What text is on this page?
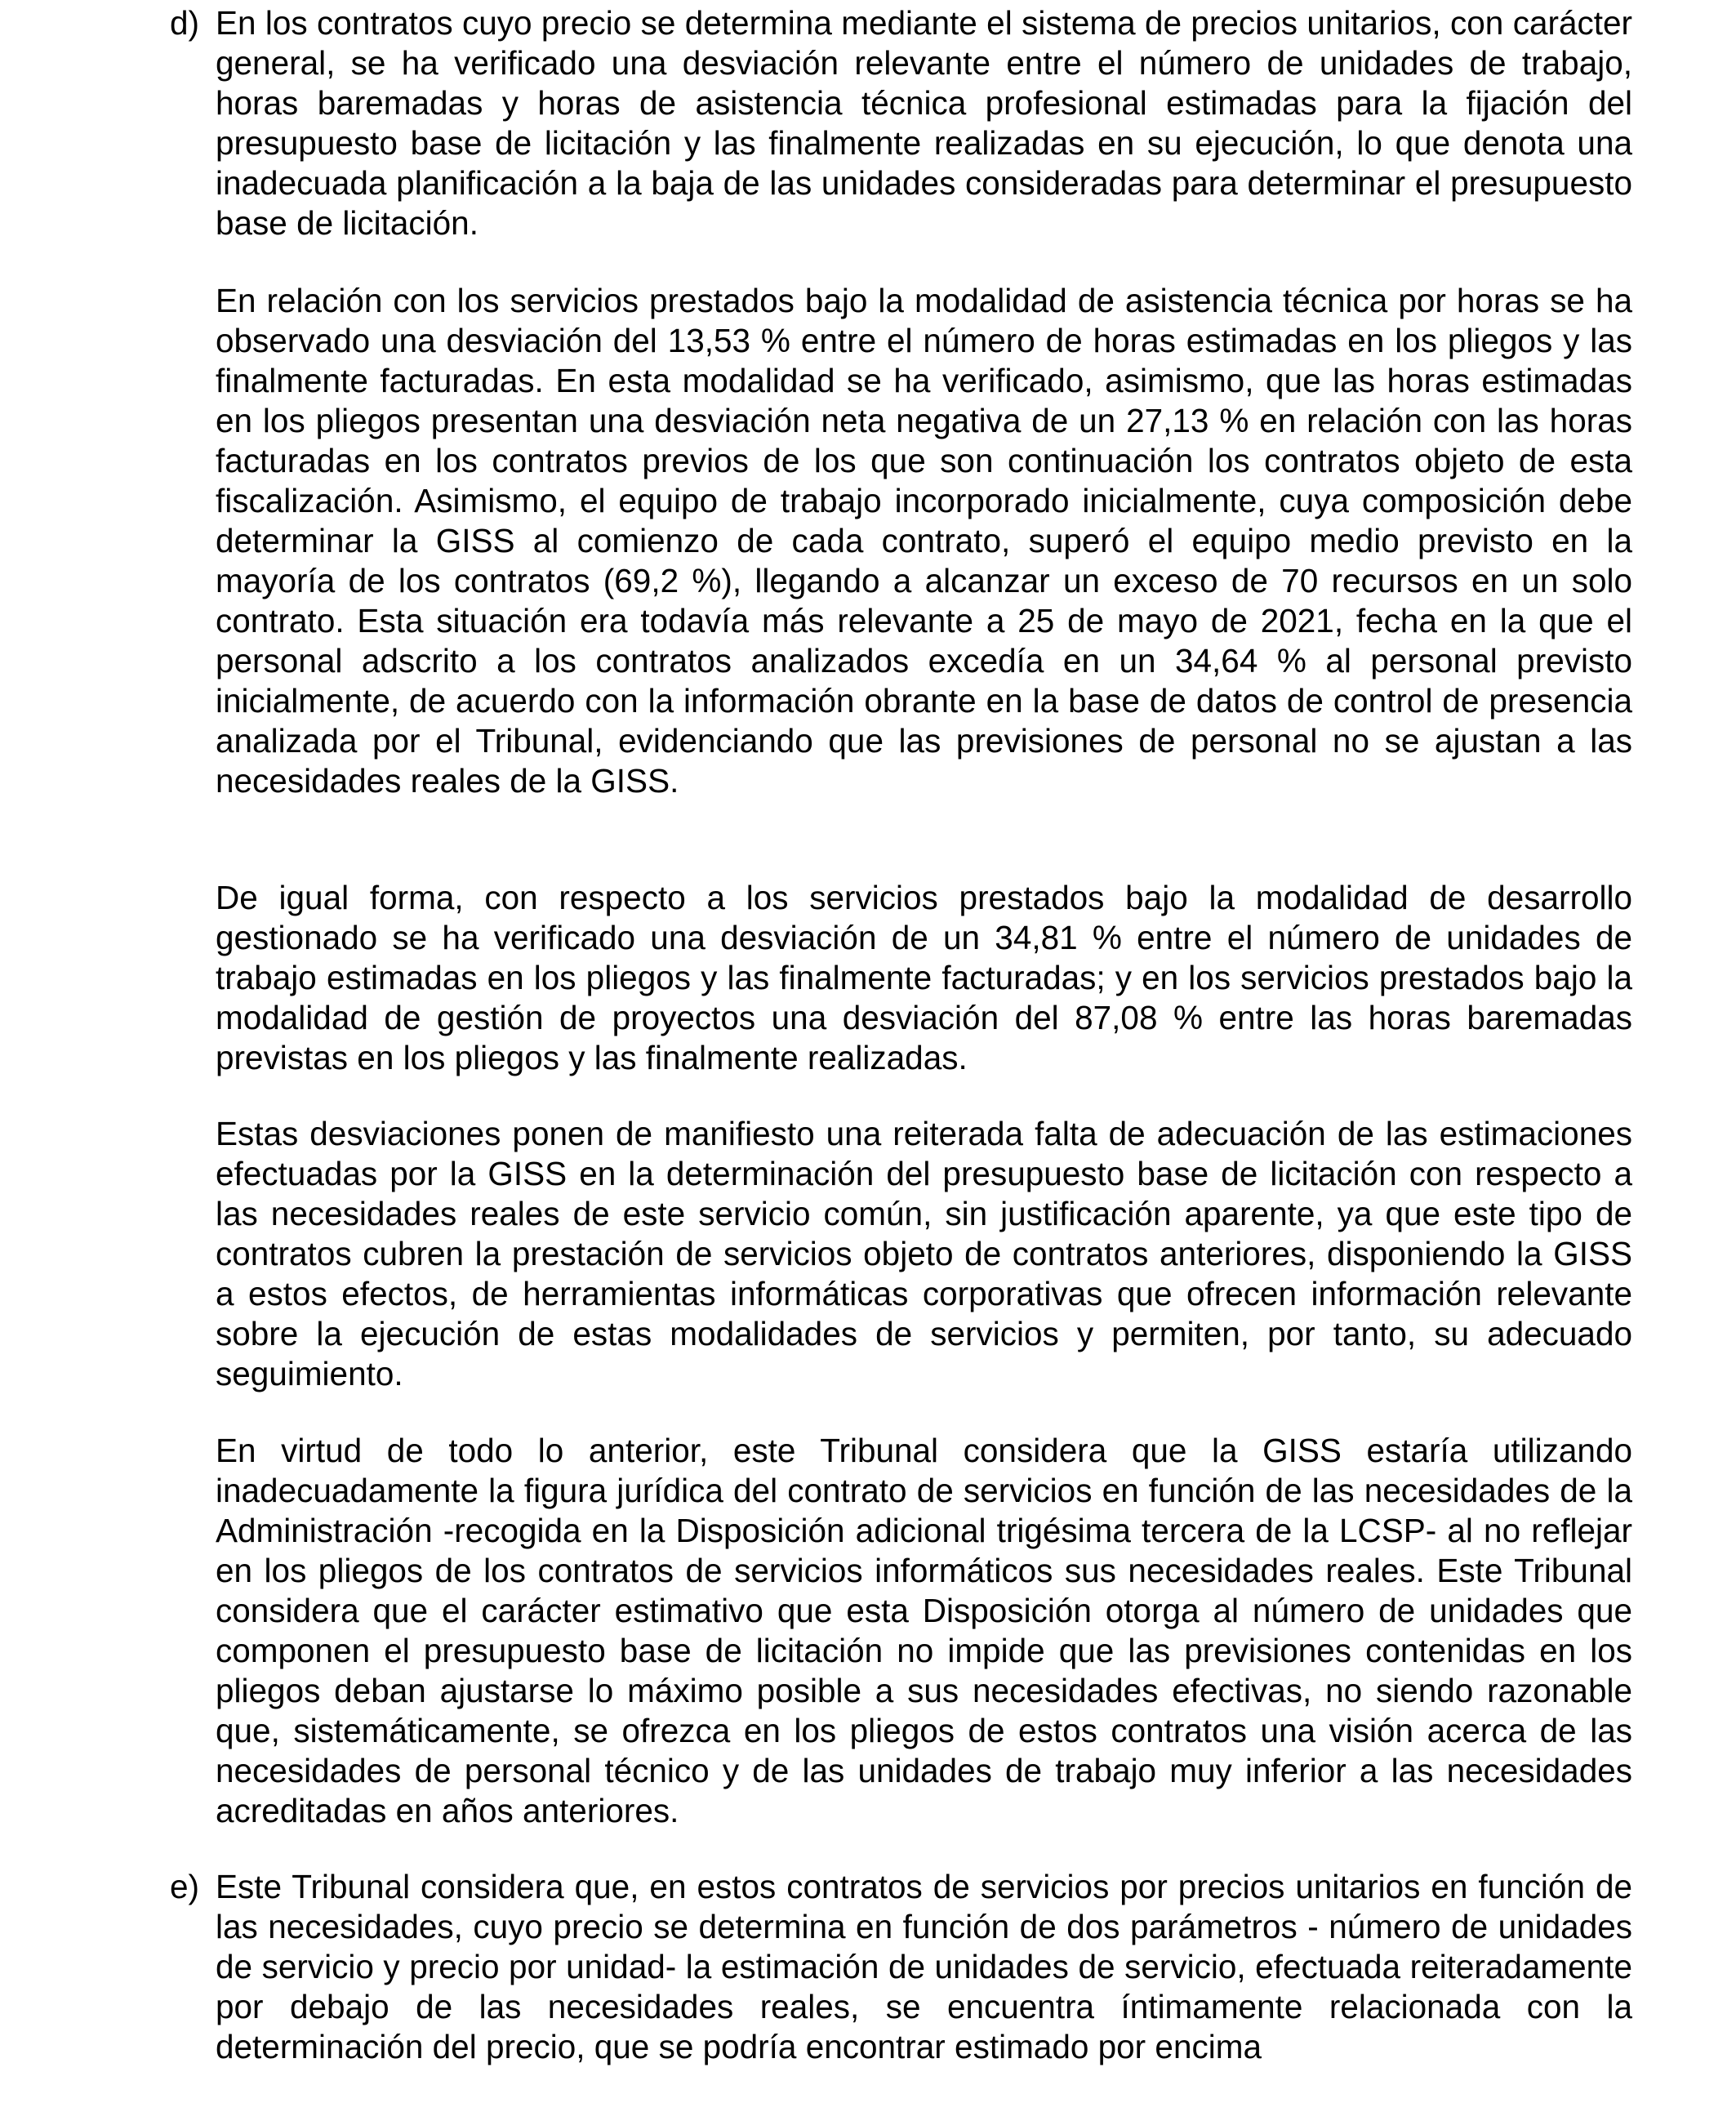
d) En los contratos cuyo precio se determina mediante el sistema de precios unitarios, con carácter general, se ha verificado una desviación relevante entre el número de unidades de trabajo, horas baremadas y horas de asistencia técnica profesional estimadas para la fijación del presupuesto base de licitación y las finalmente realizadas en su ejecución, lo que denota una inadecuada planificación a la baja de las unidades consideradas para determinar el presupuesto base de licitación.

En relación con los servicios prestados bajo la modalidad de asistencia técnica por horas se ha observado una desviación del 13,53 % entre el número de horas estimadas en los pliegos y las finalmente facturadas. En esta modalidad se ha verificado, asimismo, que las horas estimadas en los pliegos presentan una desviación neta negativa de un 27,13 % en relación con las horas facturadas en los contratos previos de los que son continuación los contratos objeto de esta fiscalización. Asimismo, el equipo de trabajo incorporado inicialmente, cuya composición debe determinar la GISS al comienzo de cada contrato, superó el equipo medio previsto en la mayoría de los contratos (69,2 %), llegando a alcanzar un exceso de 70 recursos en un solo contrato. Esta situación era todavía más relevante a 25 de mayo de 2021, fecha en la que el personal adscrito a los contratos analizados excedía en un 34,64 % al personal previsto inicialmente, de acuerdo con la información obrante en la base de datos de control de presencia analizada por el Tribunal, evidenciando que las previsiones de personal no se ajustan a las necesidades reales de la GISS.

De igual forma, con respecto a los servicios prestados bajo la modalidad de desarrollo gestionado se ha verificado una desviación de un 34,81 % entre el número de unidades de trabajo estimadas en los pliegos y las finalmente facturadas; y en los servicios prestados bajo la modalidad de gestión de proyectos una desviación del 87,08 % entre las horas baremadas previstas en los pliegos y las finalmente realizadas.

Estas desviaciones ponen de manifiesto una reiterada falta de adecuación de las estimaciones efectuadas por la GISS en la determinación del presupuesto base de licitación con respecto a las necesidades reales de este servicio común, sin justificación aparente, ya que este tipo de contratos cubren la prestación de servicios objeto de contratos anteriores, disponiendo la GISS a estos efectos, de herramientas informáticas corporativas que ofrecen información relevante sobre la ejecución de estas modalidades de servicios y permiten, por tanto, su adecuado seguimiento.

En virtud de todo lo anterior, este Tribunal considera que la GISS estaría utilizando inadecuadamente la figura jurídica del contrato de servicios en función de las necesidades de la Administración -recogida en la Disposición adicional trigésima tercera de la LCSP- al no reflejar en los pliegos de los contratos de servicios informáticos sus necesidades reales. Este Tribunal considera que el carácter estimativo que esta Disposición otorga al número de unidades que componen el presupuesto base de licitación no impide que las previsiones contenidas en los pliegos deban ajustarse lo máximo posible a sus necesidades efectivas, no siendo razonable que, sistemáticamente, se ofrezca en los pliegos de estos contratos una visión acerca de las necesidades de personal técnico y de las unidades de trabajo muy inferior a las necesidades acreditadas en años anteriores.

e) Este Tribunal considera que, en estos contratos de servicios por precios unitarios en función de las necesidades, cuyo precio se determina en función de dos parámetros - número de unidades de servicio y precio por unidad- la estimación de unidades de servicio, efectuada reiteradamente por debajo de las necesidades reales, se encuentra íntimamente relacionada con la determinación del precio, que se podría encontrar estimado por encima
